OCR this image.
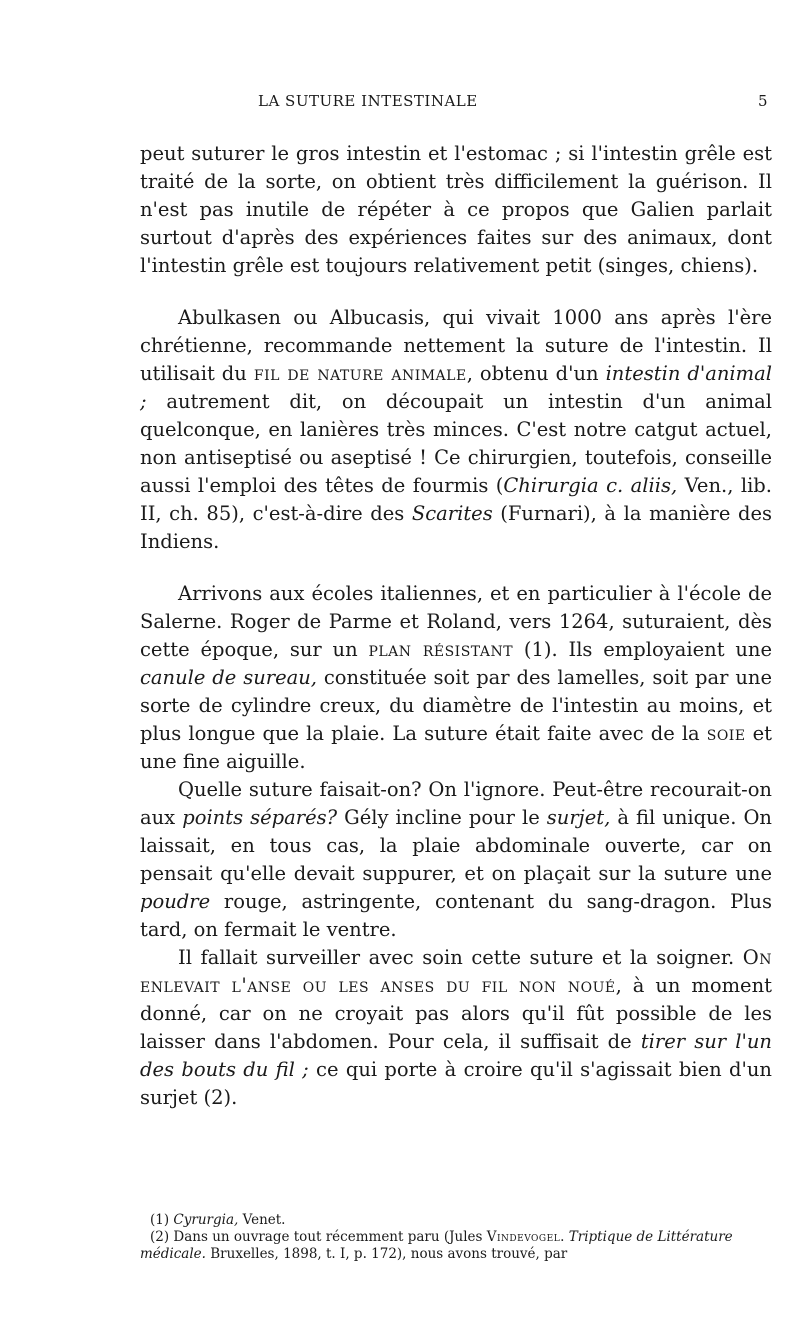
LA SUTURE INTESTINALE	5

peut suturer le gros intestin et l'estomac ; si l'intestin grêle est traité de la sorte, on obtient très difficilement la guérison. Il n'est pas inutile de répéter à ce propos que Galien parlait surtout d'après des expériences faites sur des animaux, dont l'intestin grêle est toujours relativement petit (singes, chiens).

Abulkasen ou Albucasis, qui vivait 1000 ans après l'ère chrétienne, recommande nettement la suture de l'intestin. Il utilisait du fil de nature animale, obtenu d'un intestin d'animal ; autrement dit, on découpait un intestin d'un animal quelconque, en lanières très minces. C'est notre catgut actuel, non antiseptisé ou aseptisé ! Ce chirurgien, toutefois, conseille aussi l'emploi des têtes de fourmis (Chirurgia c. aliis, Ven., lib. II, ch. 85), c'est-à-dire des Scarites (Furnari), à la manière des Indiens.

Arrivons aux écoles italiennes, et en particulier à l'école de Salerne. Roger de Parme et Roland, vers 1264, suturaient, dès cette époque, sur un plan résistant (1). Ils employaient une canule de sureau, constituée soit par des lamelles, soit par une sorte de cylindre creux, du diamètre de l'intestin au moins, et plus longue que la plaie. La suture était faite avec de la soie et une fine aiguille.

Quelle suture faisait-on? On l'ignore. Peut-être recourait-on aux points séparés? Gély incline pour le surjet, à fil unique. On laissait, en tous cas, la plaie abdominale ouverte, car on pensait qu'elle devait suppurer, et on plaçait sur la suture une poudre rouge, astringente, contenant du sang-dragon. Plus tard, on fermait le ventre.

Il fallait surveiller avec soin cette suture et la soigner. On enlevait l'anse ou les anses du fil non noué, à un moment donné, car on ne croyait pas alors qu'il fût possible de les laisser dans l'abdomen. Pour cela, il suffisait de tirer sur l'un des bouts du fil ; ce qui porte à croire qu'il s'agissait bien d'un surjet (2).

(1) Cyrurgia, Venet.

(2) Dans un ouvrage tout récemment paru (Jules Vindevogel. Triptique de Littérature médicale. Bruxelles, 1898, t. I, p. 172), nous avons trouvé, par
